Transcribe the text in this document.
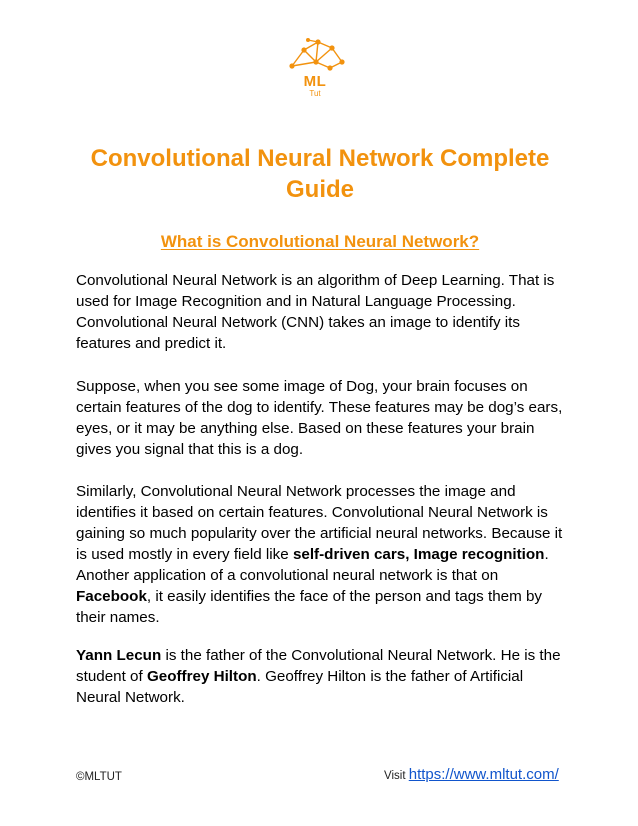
ML
Tut
Convolutional Neural Network Complete Guide
What is Convolutional Neural Network?

Convolutional Neural Network is an algorithm of Deep Learning. That is used for Image Recognition and in Natural Language Processing. Convolutional Neural Network (CNN) takes an image to identify its features and predict it.

Suppose, when you see some image of Dog, your brain focuses on certain features of the dog to identify. These features may be dog’s ears, eyes, or it may be anything else. Based on these features your brain gives you signal that this is a dog.

Similarly, Convolutional Neural Network processes the image and identifies it based on certain features. Convolutional Neural Network is gaining so much popularity over the artificial neural networks. Because it is used mostly in every field like self-driven cars, Image recognition. Another application of a convolutional neural network is that on Facebook, it easily identifies the face of the person and tags them by their names.

Yann Lecun is the father of the Convolutional Neural Network. He is the student of Geoffrey Hilton. Geoffrey Hilton is the father of Artificial Neural Network.

©MLTUT	Visit https://www.mltut.com/
